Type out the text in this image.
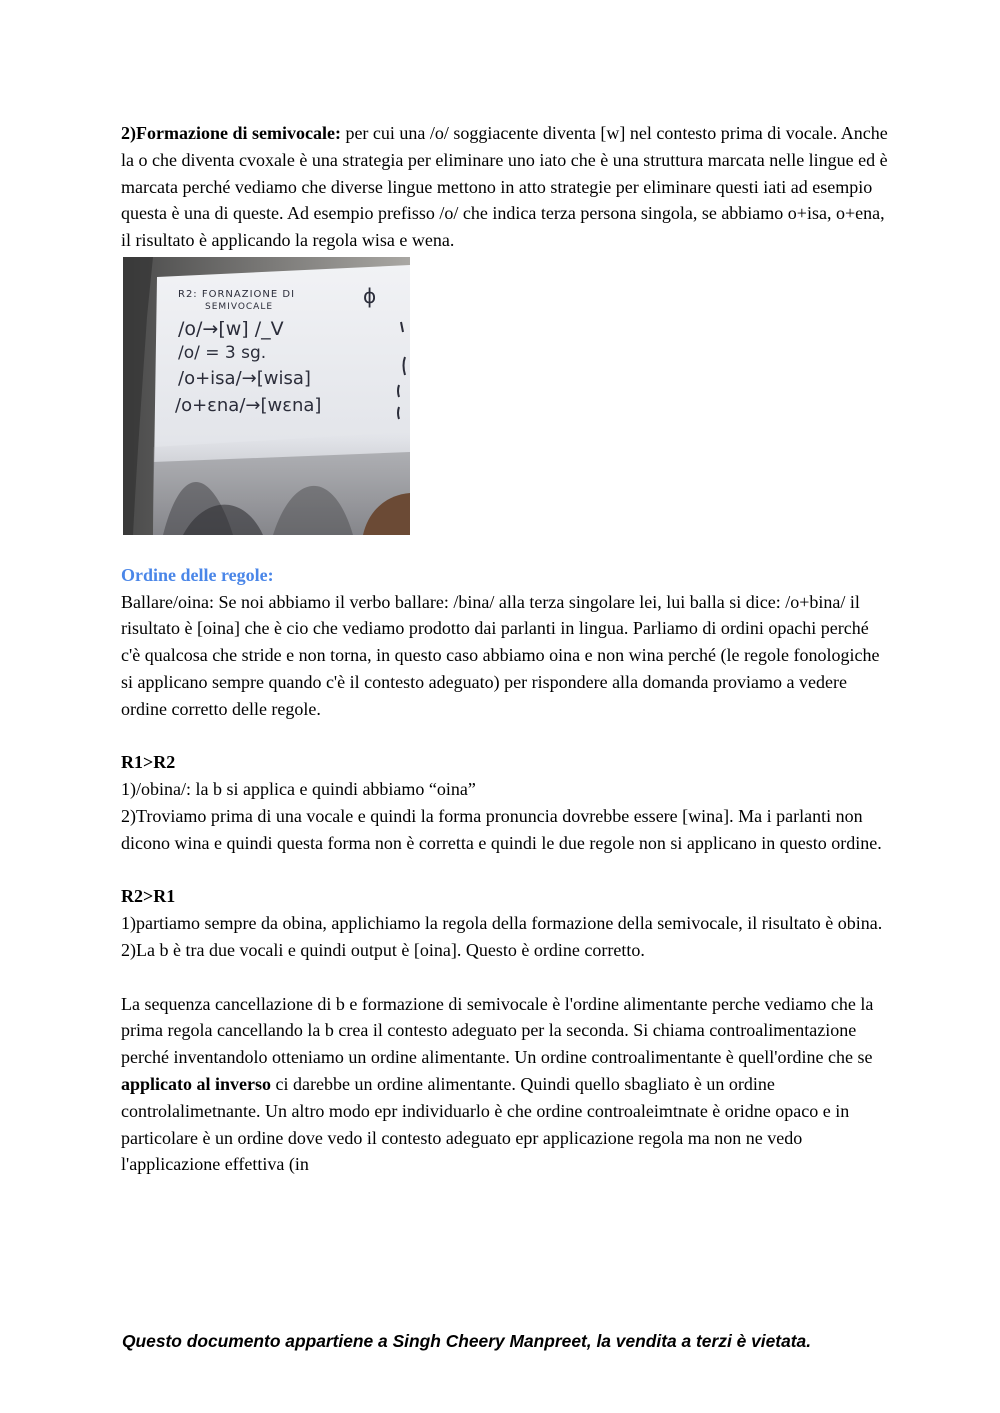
2)Formazione di semivocale: per cui una /o/ soggiacente diventa [w] nel contesto prima di vocale. Anche la o che diventa cvoxale è una strategia per eliminare uno iato che è una struttura marcata nelle lingue ed è marcata perché vediamo che diverse lingue mettono in atto strategie per eliminare questi iati ad esempio questa è una di queste. Ad esempio prefisso /o/ che indica terza persona singola, se abbiamo o+isa, o+ena, il risultato è applicando la regola wisa e wena.

R2: FORNAZIONE DI
SEMIVOCALE	ɸ
/o/→[w] /_V
/o/ = 3 sg.
/o+isa/→[wisa]
/o+ɛna/→[wɛna]

Ordine delle regole:

Ballare/oina: Se noi abbiamo il verbo ballare: /bina/ alla terza singolare lei, lui balla si dice: /o+bina/ il risultato è [oina] che è cio che vediamo prodotto dai parlanti in lingua. Parliamo di ordini opachi perché c'è qualcosa che stride e non torna, in questo caso abbiamo oina e non wina perché (le regole fonologiche si applicano sempre quando c'è il contesto adeguato) per rispondere alla domanda proviamo a vedere ordine corretto delle regole.

R1>R2

1)/obina/: la b si applica e quindi abbiamo “oina”

2)Troviamo prima di una vocale e quindi la forma pronuncia dovrebbe essere [wina]. Ma i parlanti non dicono wina e quindi questa forma non è corretta e quindi le due regole non si applicano in questo ordine.

R2>R1

1)partiamo sempre da obina, applichiamo la regola della formazione della semivocale, il risultato è obina.

2)La b è tra due vocali e quindi output è [oina]. Questo è ordine corretto.

La sequenza cancellazione di b e formazione di semivocale è l'ordine alimentante perche vediamo che la prima regola cancellando la b crea il contesto adeguato per la seconda. Si chiama controalimentazione perché inventandolo otteniamo un ordine alimentante. Un ordine controalimentante è quell'ordine che se applicato al inverso ci darebbe un ordine alimentante. Quindi quello sbagliato è un ordine controlalimetnante. Un altro modo epr individuarlo è che ordine controaleimtnate è oridne opaco e in particolare è un ordine dove vedo il contesto adeguato epr applicazione regola ma non ne vedo l'applicazione effettiva (in

Questo documento appartiene a Singh Cheery Manpreet, la vendita a terzi è vietata.
